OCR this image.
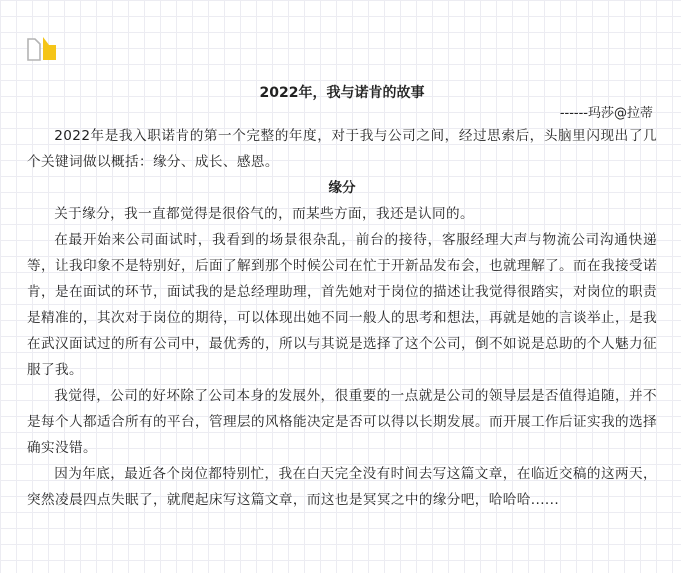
2022年，我与诺肯的故事
------玛莎@拉蒂

2022年是我入职诺肯的第一个完整的年度，对于我与公司之间，经过思索后，头脑里闪现出了几个关键词做以概括：缘分、成长、感恩。

缘分

关于缘分，我一直都觉得是很俗气的，而某些方面，我还是认同的。

在最开始来公司面试时，我看到的场景很杂乱，前台的接待，客服经理大声与物流公司沟通快递等，让我印象不是特别好，后面了解到那个时候公司在忙于开新品发布会，也就理解了。而在我接受诺肯，是在面试的环节，面试我的是总经理助理，首先她对于岗位的描述让我觉得很踏实，对岗位的职责是精准的，其次对于岗位的期待，可以体现出她不同一般人的思考和想法，再就是她的言谈举止，是我在武汉面试过的所有公司中，最优秀的，所以与其说是选择了这个公司，倒不如说是总助的个人魅力征服了我。

我觉得，公司的好坏除了公司本身的发展外，很重要的一点就是公司的领导层是否值得追随，并不是每个人都适合所有的平台，管理层的风格能决定是否可以得以长期发展。而开展工作后证实我的选择确实没错。

因为年底，最近各个岗位都特别忙，我在白天完全没有时间去写这篇文章，在临近交稿的这两天，突然凌晨四点失眠了，就爬起床写这篇文章，而这也是冥冥之中的缘分吧，哈哈哈......
